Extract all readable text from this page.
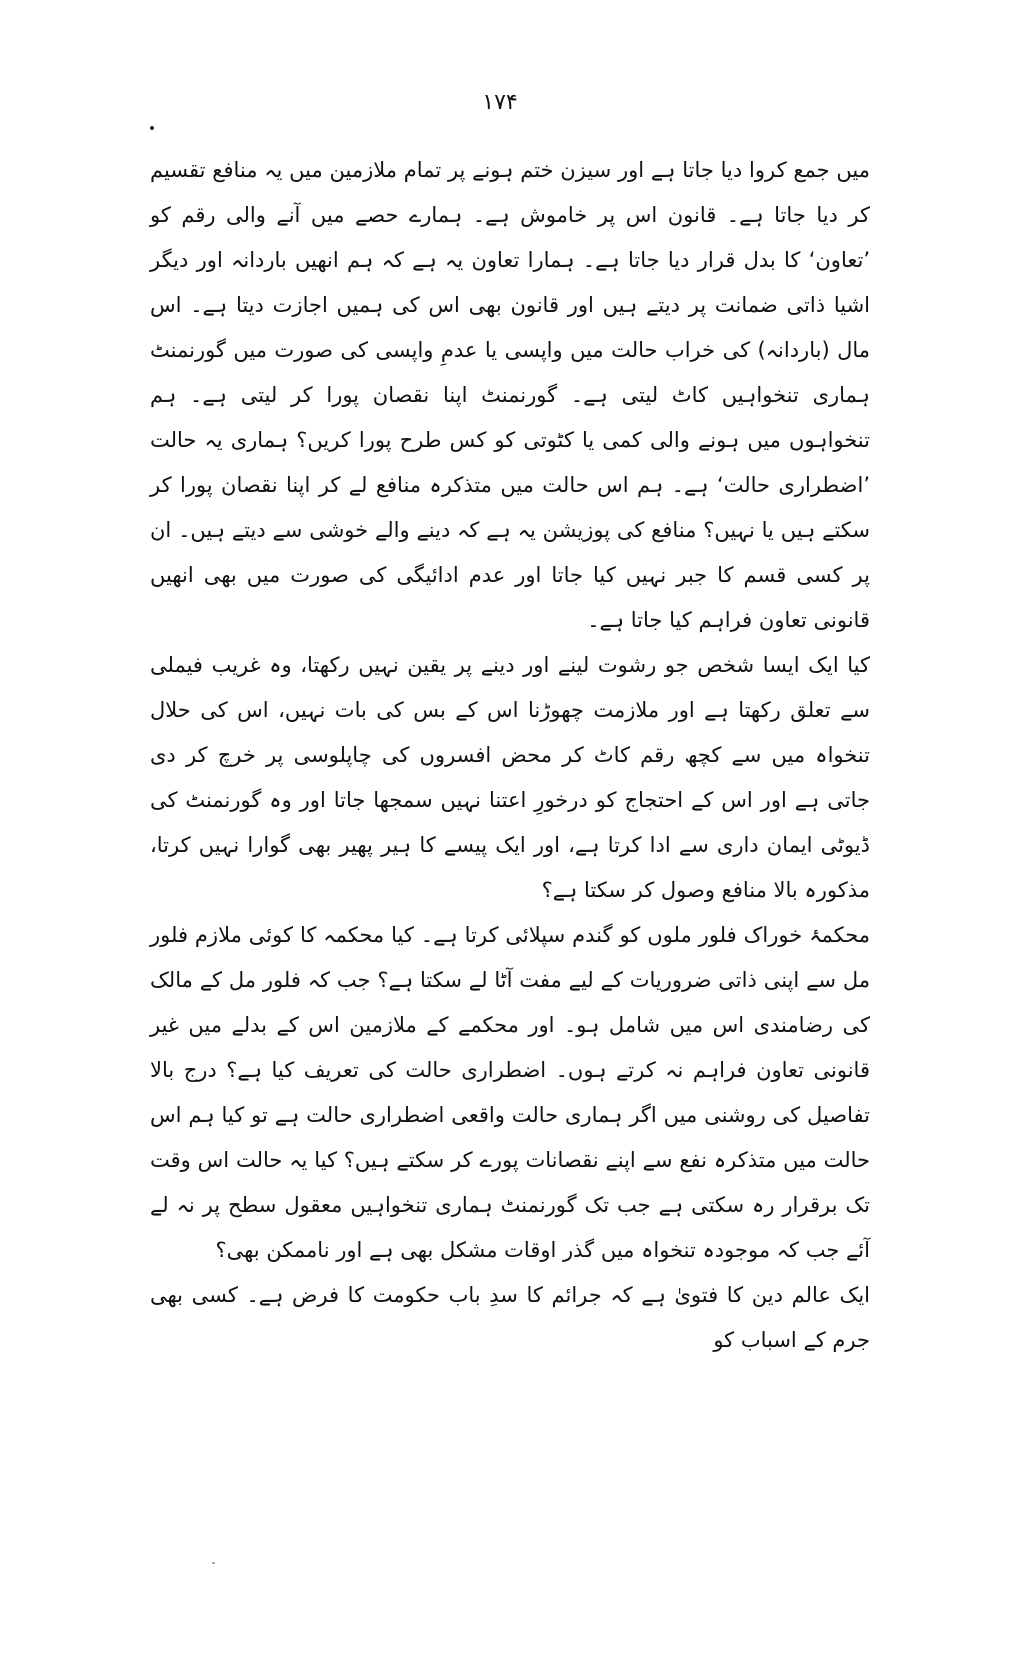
۱۷۴

میں جمع کروا دیا جاتا ہے اور سیزن ختم ہونے پر تمام ملازمین میں یہ منافع تقسیم کر دیا جاتا ہے۔ قانون اس پر خاموش ہے۔ ہمارے حصے میں آنے والی رقم کو ’تعاون‘ کا بدل قرار دیا جاتا ہے۔ ہمارا تعاون یہ ہے کہ ہم انھیں باردانہ اور دیگر اشیا ذاتی ضمانت پر دیتے ہیں اور قانون بھی اس کی ہمیں اجازت دیتا ہے۔ اس مال (باردانہ) کی خراب حالت میں واپسی یا عدمِ واپسی کی صورت میں گورنمنٹ ہماری تنخواہیں کاٹ لیتی ہے۔ گورنمنٹ اپنا نقصان پورا کر لیتی ہے۔ ہم تنخواہوں میں ہونے والی کمی یا کٹوتی کو کس طرح پورا کریں؟ ہماری یہ حالت ’اضطراری حالت‘ ہے۔ ہم اس حالت میں متذکرہ منافع لے کر اپنا نقصان پورا کر سکتے ہیں یا نہیں؟ منافع کی پوزیشن یہ ہے کہ دینے والے خوشی سے دیتے ہیں۔ ان پر کسی قسم کا جبر نہیں کیا جاتا اور عدم ادائیگی کی صورت میں بھی انھیں قانونی تعاون فراہم کیا جاتا ہے۔

کیا ایک ایسا شخص جو رشوت لینے اور دینے پر یقین نہیں رکھتا، وہ غریب فیملی سے تعلق رکھتا ہے اور ملازمت چھوڑنا اس کے بس کی بات نہیں، اس کی حلال تنخواہ میں سے کچھ رقم کاٹ کر محض افسروں کی چاپلوسی پر خرچ کر دی جاتی ہے اور اس کے احتجاج کو درخورِ اعتنا نہیں سمجھا جاتا اور وہ گورنمنٹ کی ڈیوٹی ایمان داری سے ادا کرتا ہے، اور ایک پیسے کا ہیر پھیر بھی گوارا نہیں کرتا، مذکورہ بالا منافع وصول کر سکتا ہے؟

محکمۂ خوراک فلور ملوں کو گندم سپلائی کرتا ہے۔ کیا محکمہ کا کوئی ملازم فلور مل سے اپنی ذاتی ضروریات کے لیے مفت آٹا لے سکتا ہے؟ جب کہ فلور مل کے مالک کی رضامندی اس میں شامل ہو۔ اور محکمے کے ملازمین اس کے بدلے میں غیر قانونی تعاون فراہم نہ کرتے ہوں۔ اضطراری حالت کی تعریف کیا ہے؟ درج بالا تفاصیل کی روشنی میں اگر ہماری حالت واقعی اضطراری حالت ہے تو کیا ہم اس حالت میں متذکرہ نفع سے اپنے نقصانات پورے کر سکتے ہیں؟ کیا یہ حالت اس وقت تک برقرار رہ سکتی ہے جب تک گورنمنٹ ہماری تنخواہیں معقول سطح پر نہ لے آئے جب کہ موجودہ تنخواہ میں گذر اوقات مشکل بھی ہے اور ناممکن بھی؟

ایک عالم دین کا فتویٰ ہے کہ جرائم کا سدِ باب حکومت کا فرض ہے۔ کسی بھی جرم کے اسباب کو
